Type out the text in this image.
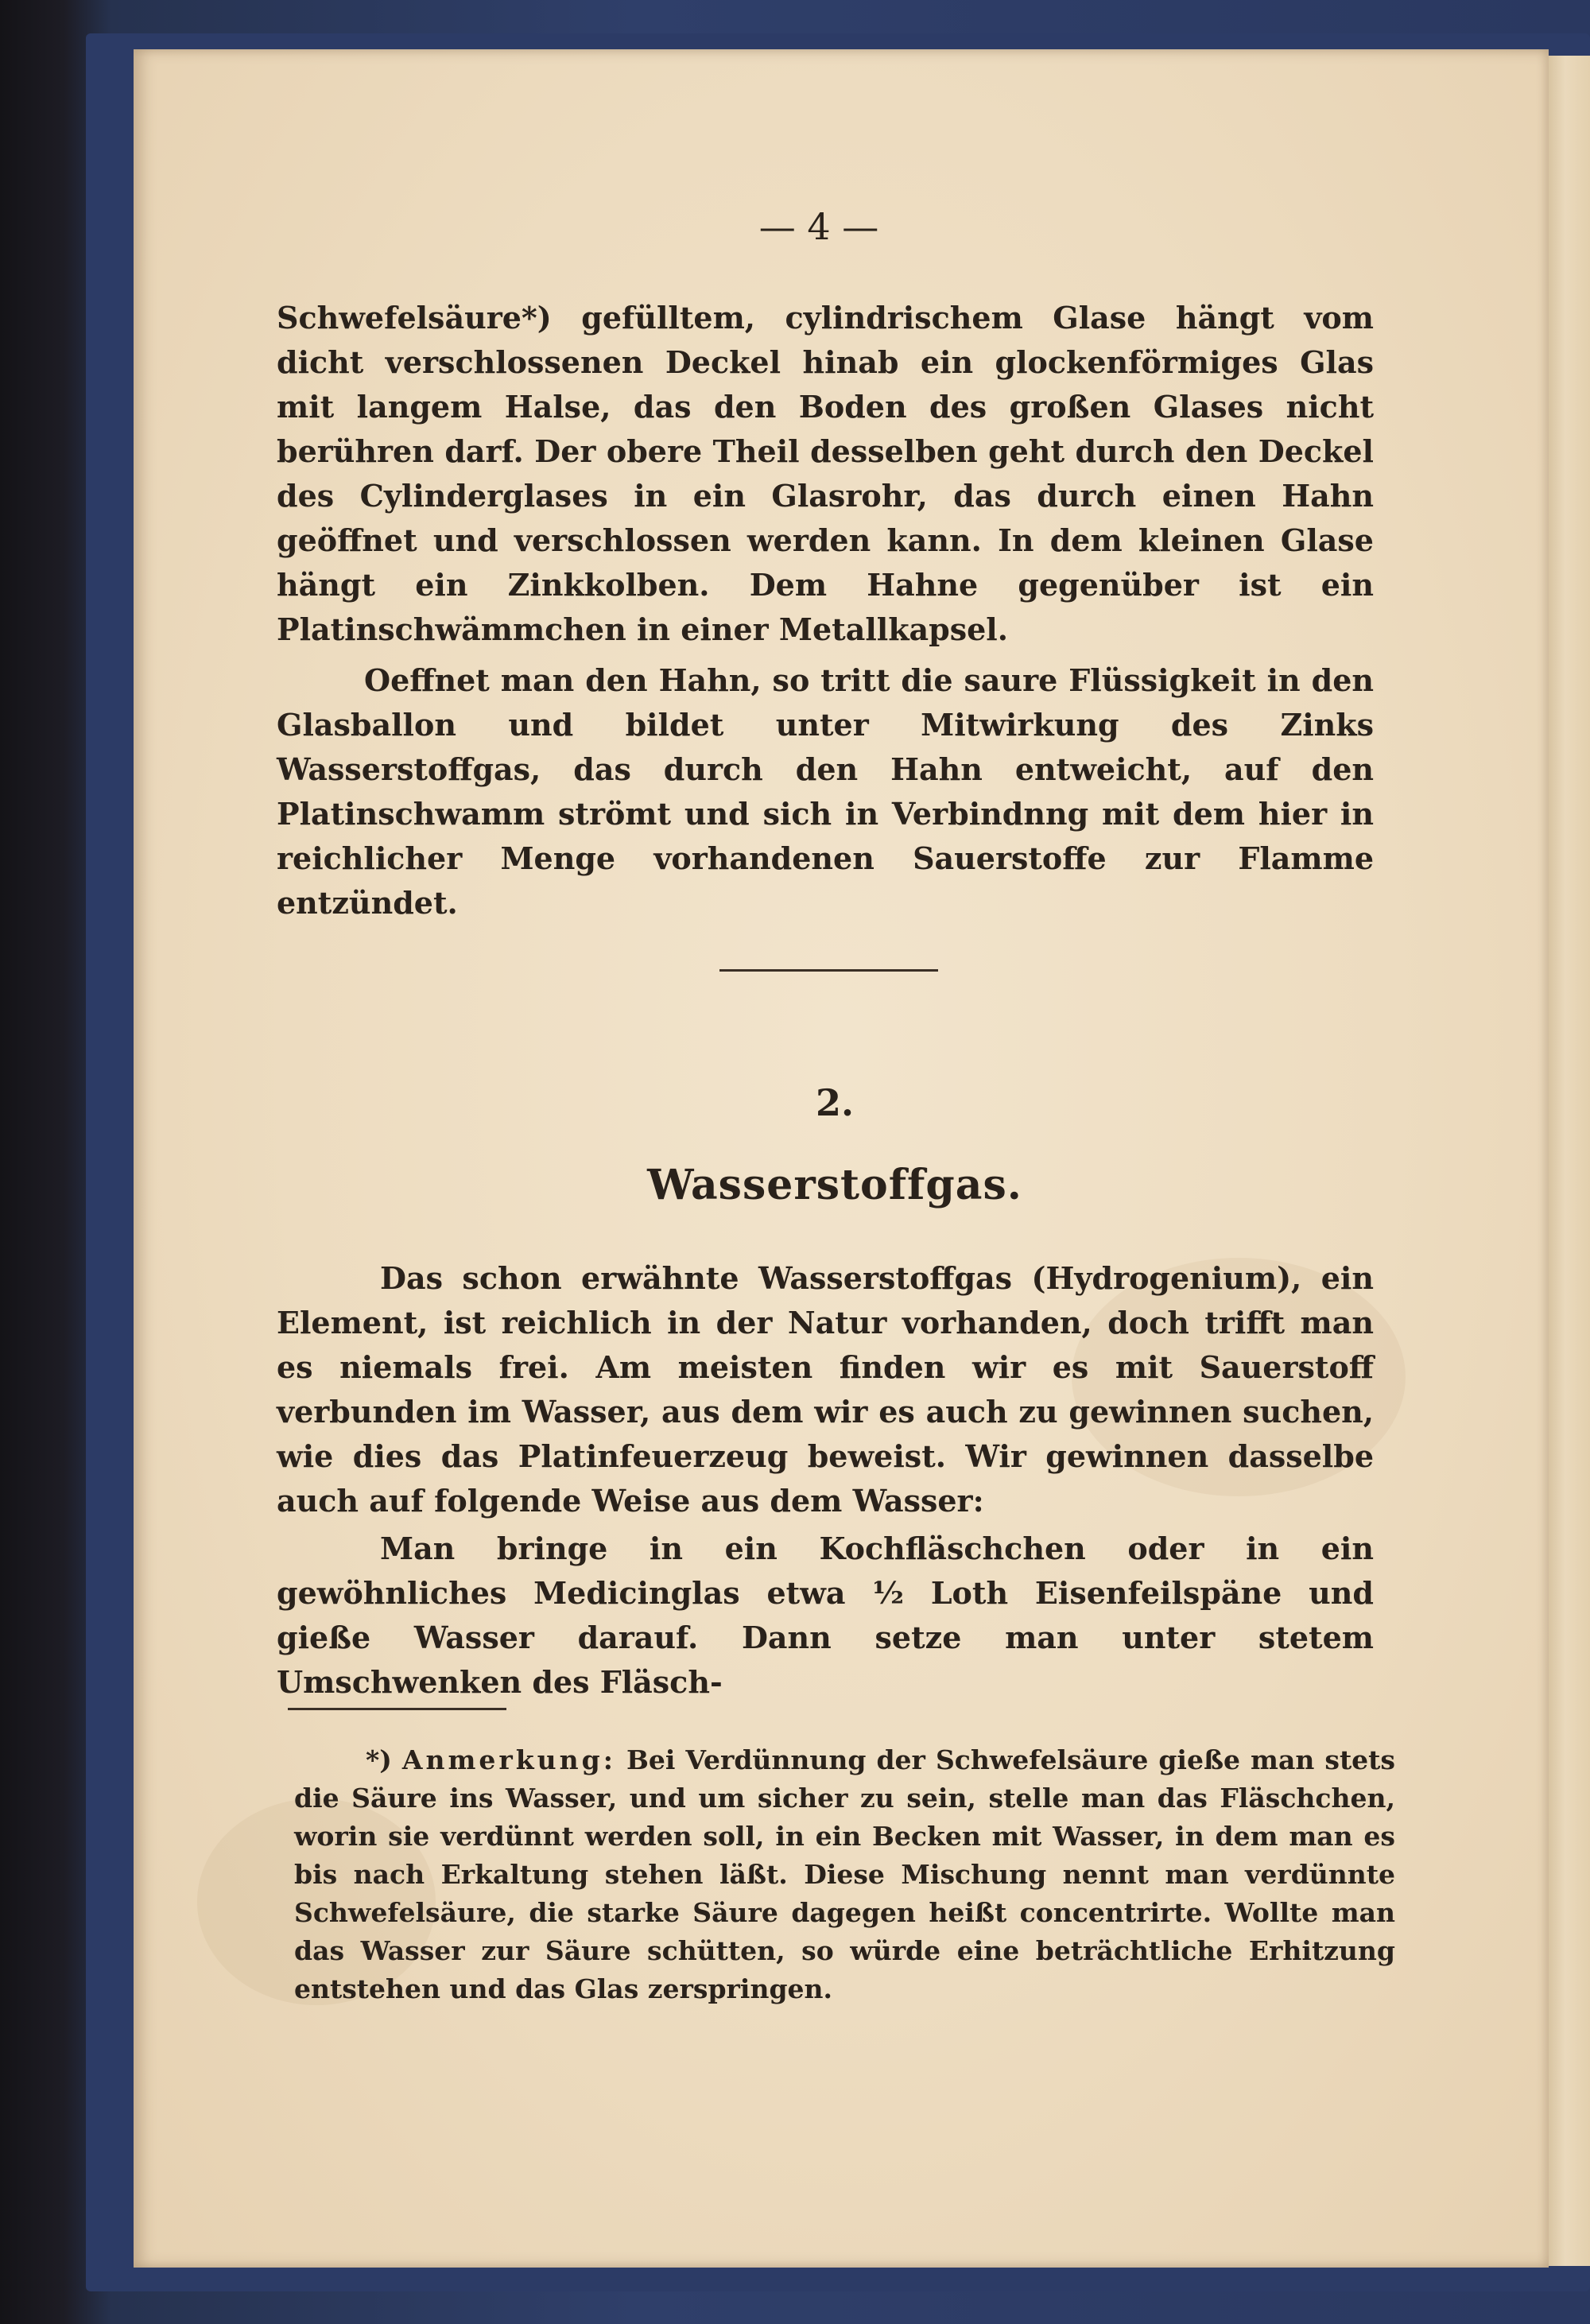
— 4 —
Schwefelsäure*) gefülltem, cylindrischem Glase hängt vom dicht verschlossenen Deckel hinab ein glockenförmiges Glas mit langem Halse, das den Boden des großen Glases nicht berühren darf. Der obere Theil desselben geht durch den Deckel des Cylinderglases in ein Glasrohr, das durch einen Hahn geöffnet und verschlossen werden kann. In dem kleinen Glase hängt ein Zinkkolben. Dem Hahne gegenüber ist ein Platinschwämmchen in einer Metallkapsel.
Oeffnet man den Hahn, so tritt die saure Flüssigkeit in den Glasballon und bildet unter Mitwirkung des Zinks Wasserstoffgas, das durch den Hahn entweicht, auf den Platinschwamm strömt und sich in Verbindnng mit dem hier in reichlicher Menge vorhandenen Sauerstoffe zur Flamme entzündet.
2.
Wasserstoffgas.
Das schon erwähnte Wasserstoffgas (Hydrogenium), ein Element, ist reichlich in der Natur vorhanden, doch trifft man es niemals frei. Am meisten finden wir es mit Sauerstoff verbunden im Wasser, aus dem wir es auch zu gewinnen suchen, wie dies das Platinfeuerzeug beweist. Wir gewinnen dasselbe auch auf folgende Weise aus dem Wasser:
Man bringe in ein Kochfläschchen oder in ein gewöhnliches Medicinglas etwa ½ Loth Eisenfeilspäne und gieße Wasser darauf. Dann setze man unter stetem Umschwenken des Fläsch-
*) Anmerkung: Bei Verdünnung der Schwefelsäure gieße man stets die Säure ins Wasser, und um sicher zu sein, stelle man das Fläschchen, worin sie verdünnt werden soll, in ein Becken mit Wasser, in dem man es bis nach Erkaltung stehen läßt. Diese Mischung nennt man verdünnte Schwefelsäure, die starke Säure dagegen heißt concentrirte. Wollte man das Wasser zur Säure schütten, so würde eine beträchtliche Erhitzung entstehen und das Glas zerspringen.
